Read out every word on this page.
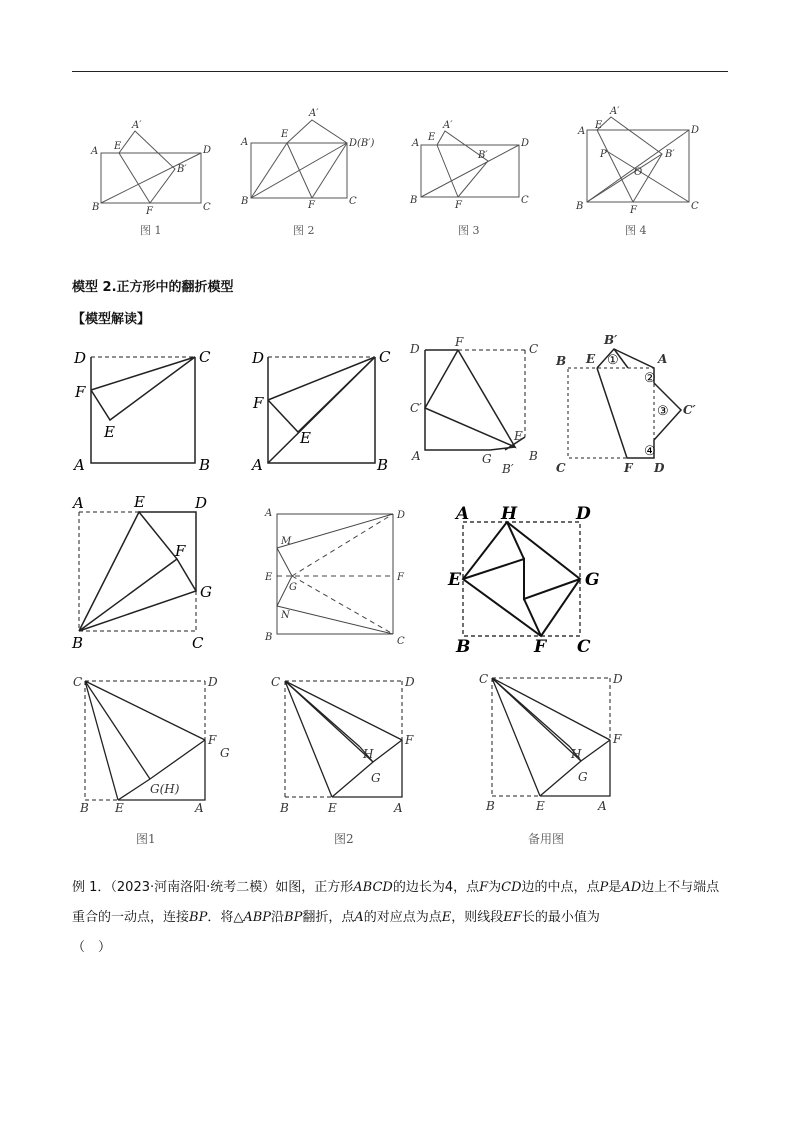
A
A′
E	D
B′
B	F	C
图 1
A
A′
E
D(B′)
B	F	C
图 2
A
A′
E
D
B′
B	F	C
图 3
A
A′
E	D
P	B′
O
B	F	C
图 4
D	C
F
E
A	B
D	C
F
E
A	B
D	F	C
C′
E
A	G
B′
B
B′
B E	A
①
②
③ C′
④
C	F D
A	E	D
F
G
B	C
A	D
M
E
G
F
N
B	C
A H	D
E	G
B	F C
C	D
F
G
G(H)
B E	A
图1
C	D
F
H
G
B	E	A
图2
C	D
F
H
G
B	E	A
备用图
模型 2.正方形中的翻折模型
【模型解读】
例 1．（2023·河南洛阳·统考二模）如图，正方形ABCD的边长为4，点F为CD边的中点，点P是AD边上不与端点重合的一动点，连接BP．将△ABP沿BP翻折，点A的对应点为点E，则线段EF长的最小值为
（　）
